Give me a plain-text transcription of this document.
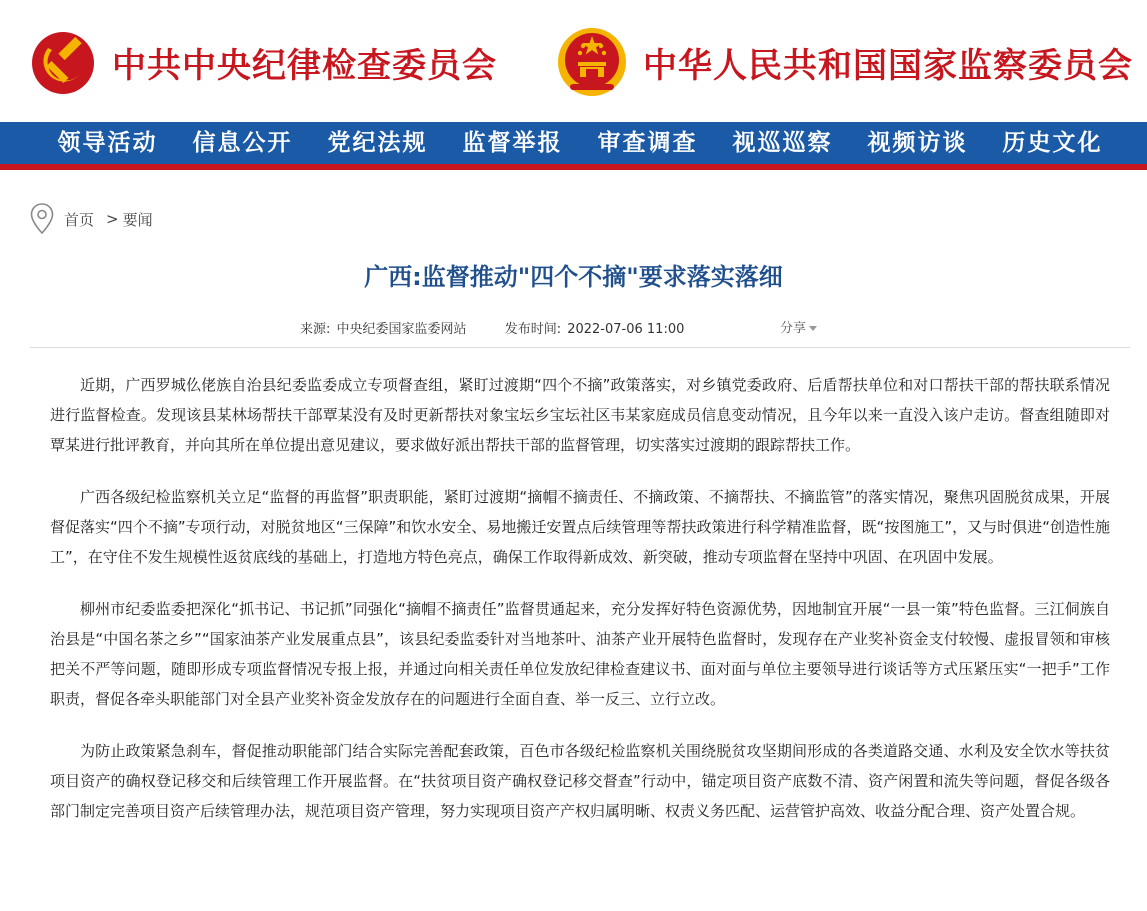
中共中央纪律检查委员会	中华人民共和国国家监察委员会
领导活动	信息公开	党纪法规	监督举报	审查调查	视巡巡察	视频访谈	历史文化
首页 > 要闻
广西:监督推动"四个不摘"要求落实落细
来源: 中央纪委国家监委网站	发布时间: 2022-07-06 11:00	分享

近期，广西罗城仫佬族自治县纪委监委成立专项督查组，紧盯过渡期“四个不摘”政策落实，对乡镇党委政府、后盾帮扶单位和对口帮扶干部的帮扶联系情况进行监督检查。发现该县某林场帮扶干部覃某没有及时更新帮扶对象宝坛乡宝坛社区韦某家庭成员信息变动情况，且今年以来一直没入该户走访。督查组随即对覃某进行批评教育，并向其所在单位提出意见建议，要求做好派出帮扶干部的监督管理，切实落实过渡期的跟踪帮扶工作。

广西各级纪检监察机关立足“监督的再监督”职责职能，紧盯过渡期“摘帽不摘责任、不摘政策、不摘帮扶、不摘监管”的落实情况，聚焦巩固脱贫成果，开展督促落实“四个不摘”专项行动，对脱贫地区“三保障”和饮水安全、易地搬迁安置点后续管理等帮扶政策进行科学精准监督，既“按图施工”，又与时俱进“创造性施工”，在守住不发生规模性返贫底线的基础上，打造地方特色亮点，确保工作取得新成效、新突破，推动专项监督在坚持中巩固、在巩固中发展。

柳州市纪委监委把深化“抓书记、书记抓”同强化“摘帽不摘责任”监督贯通起来，充分发挥好特色资源优势，因地制宜开展“一县一策”特色监督。三江侗族自治县是“中国名茶之乡”“国家油茶产业发展重点县”，该县纪委监委针对当地茶叶、油茶产业开展特色监督时，发现存在产业奖补资金支付较慢、虚报冒领和审核把关不严等问题，随即形成专项监督情况专报上报，并通过向相关责任单位发放纪律检查建议书、面对面与单位主要领导进行谈话等方式压紧压实“一把手”工作职责，督促各牵头职能部门对全县产业奖补资金发放存在的问题进行全面自查、举一反三、立行立改。

为防止政策紧急刹车，督促推动职能部门结合实际完善配套政策，百色市各级纪检监察机关围绕脱贫攻坚期间形成的各类道路交通、水利及安全饮水等扶贫项目资产的确权登记移交和后续管理工作开展监督。在“扶贫项目资产确权登记移交督查”行动中，锚定项目资产底数不清、资产闲置和流失等问题，督促各级各部门制定完善项目资产后续管理办法，规范项目资产管理，努力实现项目资产产权归属明晰、权责义务匹配、运营管护高效、收益分配合理、资产处置合规。
